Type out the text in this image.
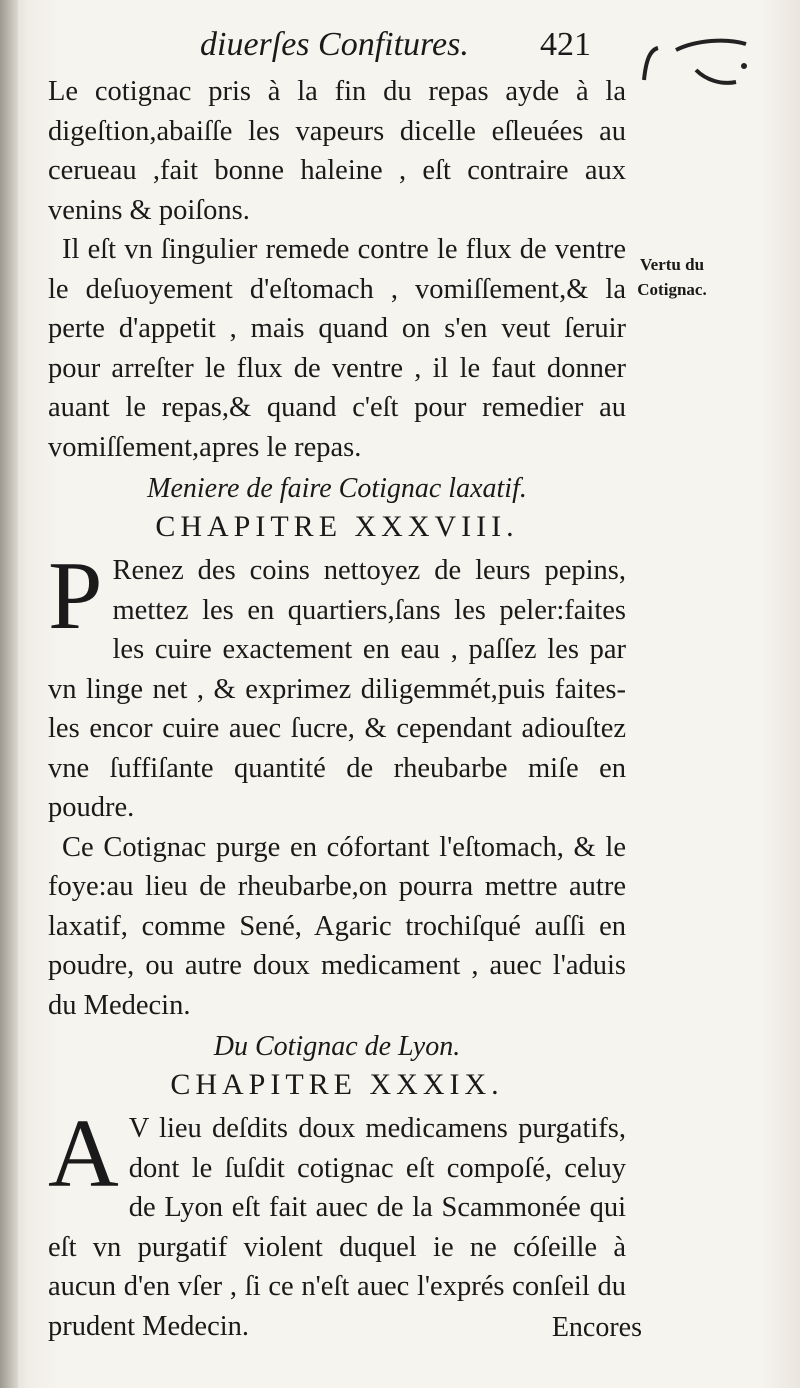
diuerſes Confitures. 421
Vertu du Cotignac.

Le cotignac pris à la fin du repas ayde à la digeſtion,abaiſſe les vapeurs dicelle eſleuées au cerueau ,fait bonne haleine , eſt contraire aux venins & poiſons.

Il eſt vn ſingulier remede contre le flux de ventre le deſuoyement d'eſtomach , vomiſſement,& la perte d'appetit , mais quand on s'en veut ſeruir pour arreſter le flux de ventre , il le faut donner auant le repas,& quand c'eſt pour remedier au vomiſſement,apres le repas.

Meniere de faire Cotignac laxatif.
CHAPITRE XXXVIII.

P Renez des coins nettoyez de leurs pepins, mettez les en quartiers,ſans les peler:faites les cuire exactement en eau , paſſez les par vn linge net , & exprimez diligemmét,puis faites-les encor cuire auec ſucre, & cependant adiouſtez vne ſuffiſante quantité de rheubarbe miſe en poudre.

Ce Cotignac purge en cófortant l'eſtomach, & le foye:au lieu de rheubarbe,on pourra mettre autre laxatif, comme Sené, Agaric trochiſqué auſſi en poudre, ou autre doux medicament , auec l'aduis du Medecin.

Du Cotignac de Lyon.
CHAPITRE XXXIX.

A V lieu deſdits doux medicamens purgatifs, dont le ſuſdit cotignac eſt compoſé, celuy de Lyon eſt fait auec de la Scammonée qui eſt vn purgatif violent duquel ie ne cóſeille à aucun d'en vſer , ſi ce n'eſt auec l'exprés conſeil du prudent Medecin.	Encores
